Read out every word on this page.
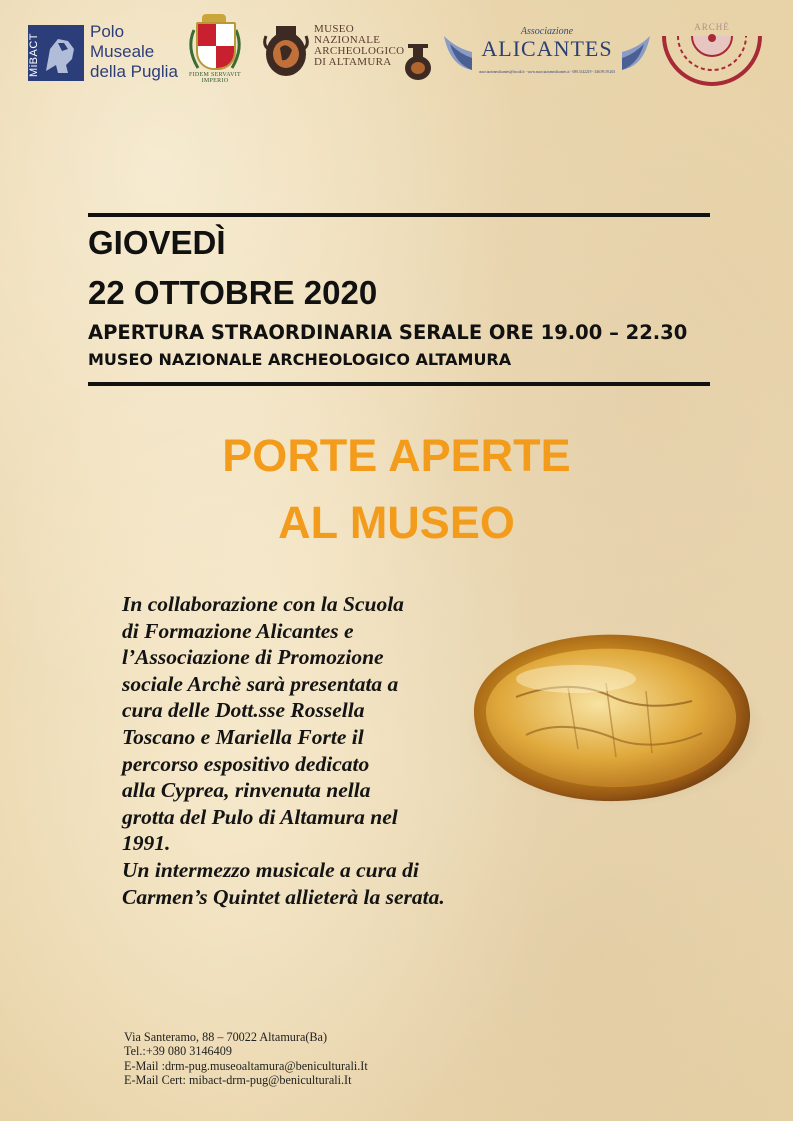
MiBACT
Polo
Museale
della Puglia	FIDEM SERVAVIT IMPERIO
MUSEO
NAZIONALE
ARCHEOLOGICO
DI ALTAMURA
Associazione
ALICANTES
associazionealicantes@tiscali.it - www.associazionealicantes.it - 080.3142219 - 346.99.39.263
ARCHÈ
GIOVEDÌ
22 OTTOBRE 2020
APERTURA STRAORDINARIA SERALE ORE 19.00 – 22.30
MUSEO NAZIONALE ARCHEOLOGICO ALTAMURA
PORTE APERTE
AL MUSEO
In collaborazione con la Scuola
di Formazione Alicantes e
l’Associazione di Promozione
sociale Archè sarà presentata a
cura delle Dott.sse Rossella
Toscano e Mariella Forte il
percorso espositivo dedicato
alla Cyprea, rinvenuta nella
grotta del Pulo di Altamura nel
1991.
Un intermezzo musicale a cura di
Carmen’s Quintet allieterà la serata.
Via Santeramo, 88 – 70022 Altamura(Ba)
Tel.:+39 080 3146409
E-Mail :drm-pug.museoaltamura@beniculturali.It
E-Mail Cert: mibact-drm-pug@beniculturali.It
